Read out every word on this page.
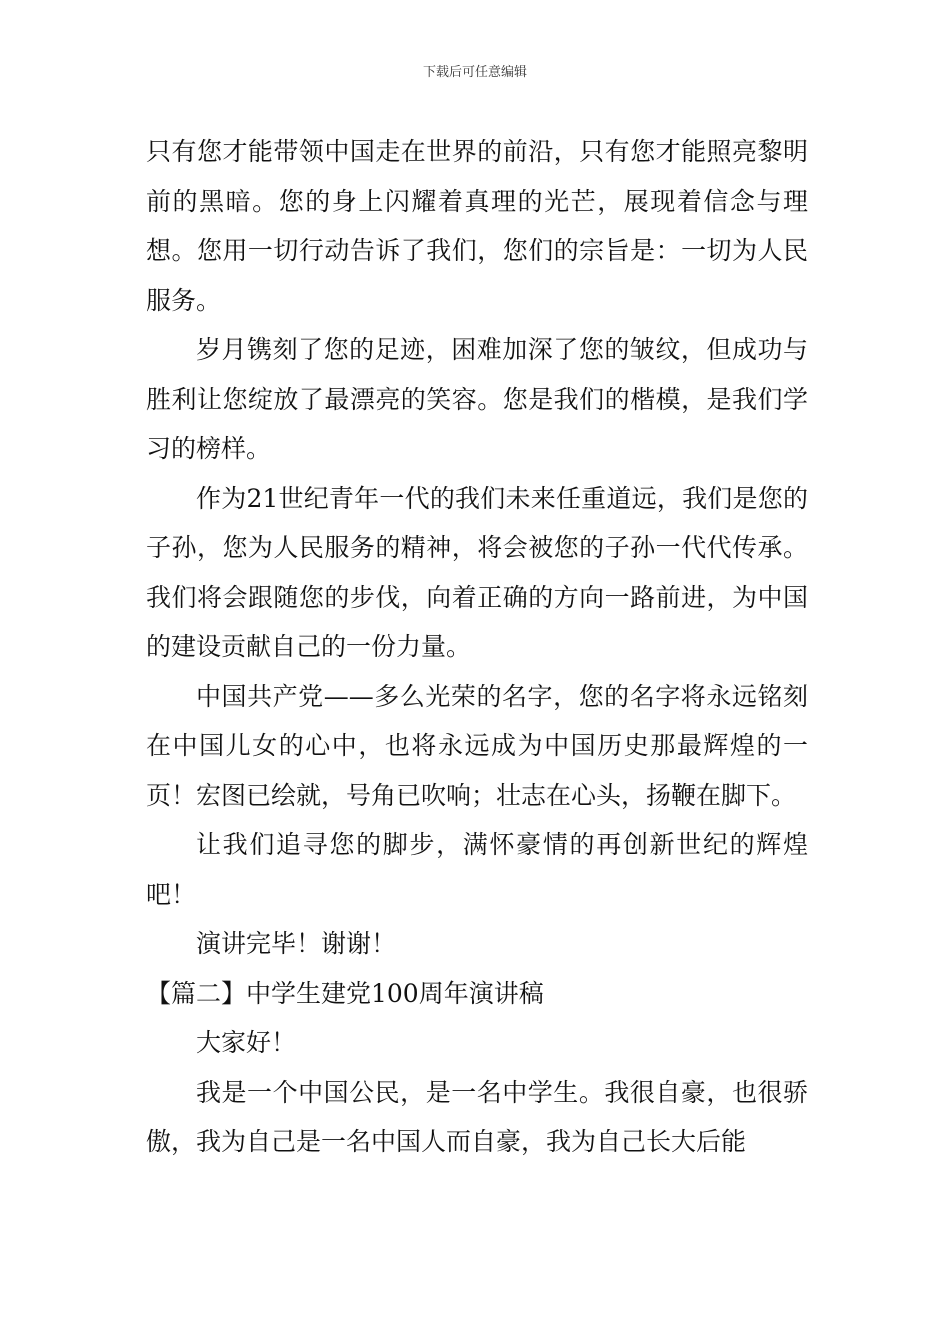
下载后可任意编辑

只有您才能带领中国走在世界的前沿，只有您才能照亮黎明前的黑暗。您的身上闪耀着真理的光芒，展现着信念与理想。您用一切行动告诉了我们，您们的宗旨是：一切为人民服务。

岁月镌刻了您的足迹，困难加深了您的皱纹，但成功与胜利让您绽放了最漂亮的笑容。您是我们的楷模，是我们学习的榜样。

作为21世纪青年一代的我们未来任重道远，我们是您的子孙，您为人民服务的精神，将会被您的子孙一代代传承。我们将会跟随您的步伐，向着正确的方向一路前进，为中国的建设贡献自己的一份力量。

中国共产党——多么光荣的名字，您的名字将永远铭刻在中国儿女的心中，也将永远成为中国历史那最辉煌的一页！宏图已绘就，号角已吹响；壮志在心头，扬鞭在脚下。

让我们追寻您的脚步，满怀豪情的再创新世纪的辉煌吧！

演讲完毕！谢谢！

【篇二】中学生建党100周年演讲稿

大家好！

我是一个中国公民，是一名中学生。我很自豪，也很骄傲，我为自己是一名中国人而自豪，我为自己长大后能
